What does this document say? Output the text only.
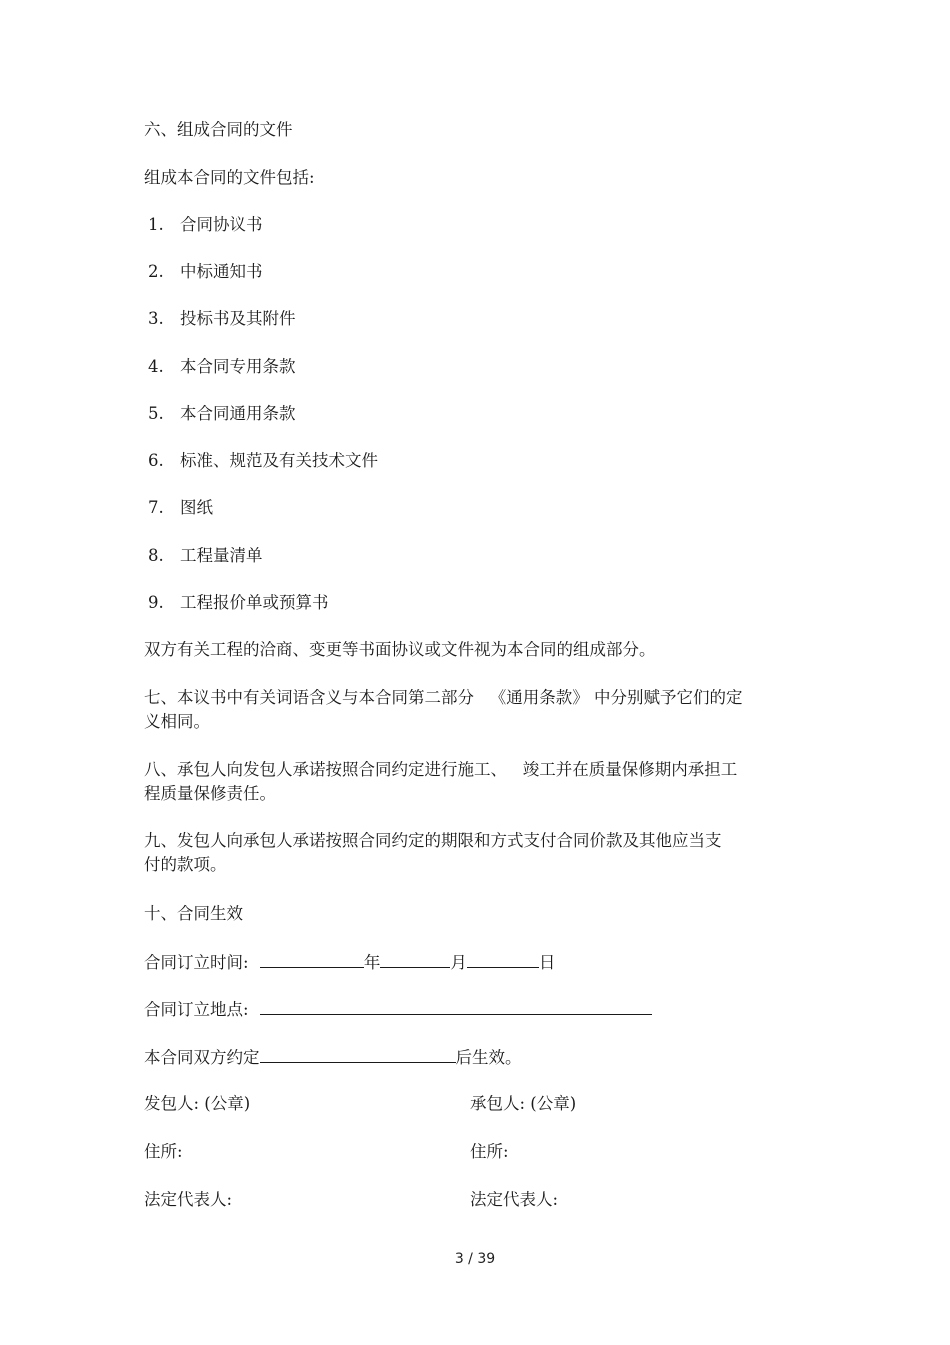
六、组成合同的文件
组成本合同的文件包括:
1. 合同协议书
2. 中标通知书
3. 投标书及其附件
4. 本合同专用条款
5. 本合同通用条款
6. 标准、规范及有关技术文件
7. 图纸
8. 工程量清单
9. 工程报价单或预算书
双方有关工程的洽商、变更等书面协议或文件视为本合同的组成部分。
七、本议书中有关词语含义与本合同第二部分   《通用条款》 中分别赋予它们的定
义相同。
八、承包人向发包人承诺按照合同约定进行施工、   竣工并在质量保修期内承担工
程质量保修责任。
九、发包人向承包人承诺按照合同约定的期限和方式支付合同价款及其他应当支
付的款项。
十、合同生效
合同订立时间:	年	月	日
合同订立地点:
本合同双方约定	后生效。
发包人: (公章)	承包人: (公章)
住所:	住所:
法定代表人:	法定代表人:
3 / 39
